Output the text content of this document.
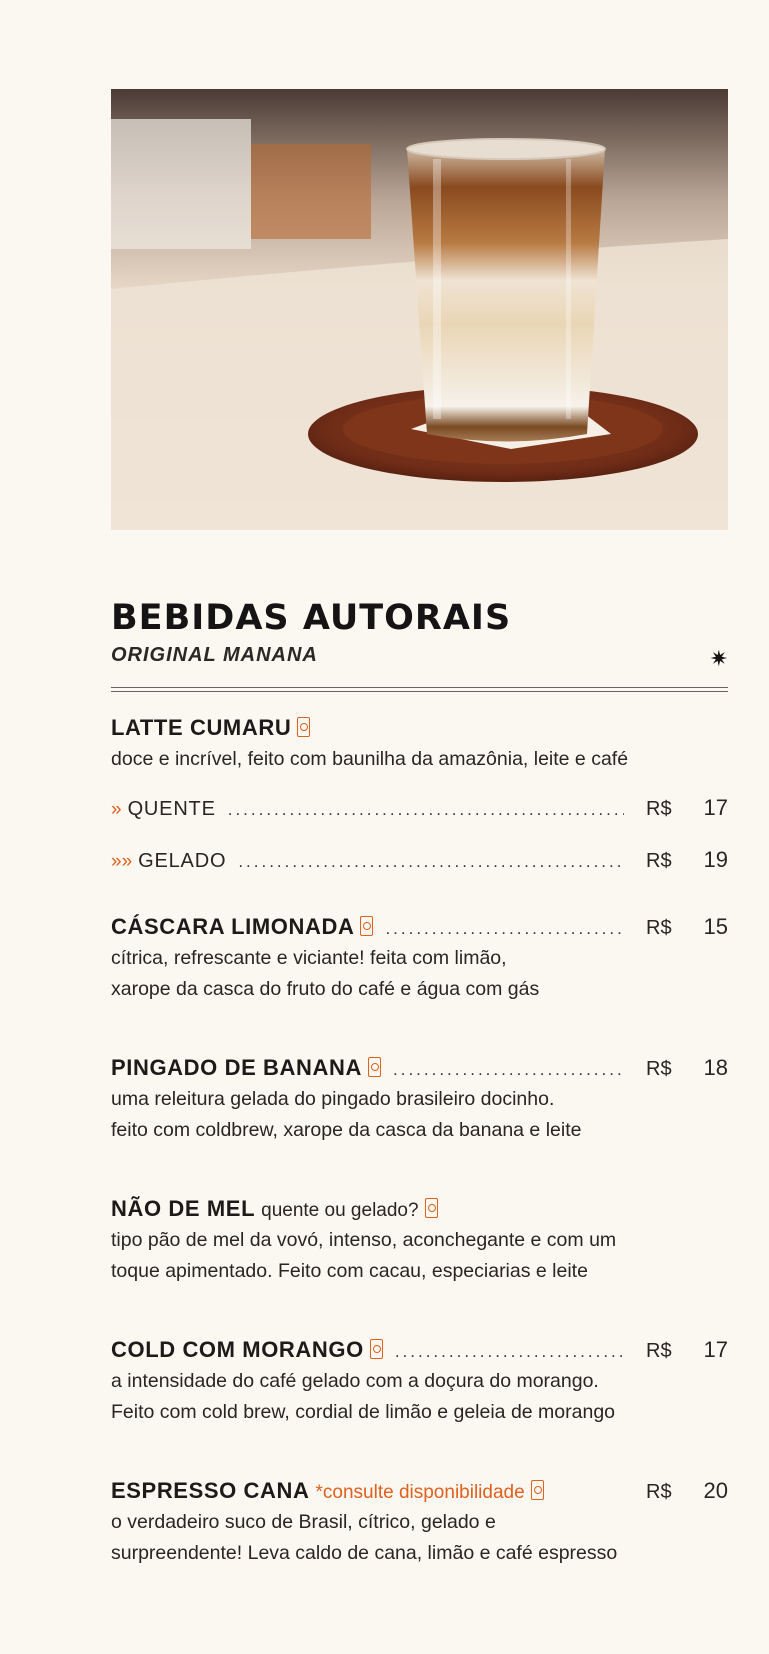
BEBIDAS AUTORAIS
ORIGINAL MANANA	✷
LATTE CUMARU
doce e incrível, feito com baunilha da amazônia, leite e café
» QUENTE .....	R$	17
»» GELADO .....	R$	19
CÁSCARA LIMONADA .....	R$	15
cítrica, refrescante e viciante! feita com limão,
xarope da casca do fruto do café e água com gás
PINGADO DE BANANA .....	R$	18
uma releitura gelada do pingado brasileiro docinho.
feito com coldbrew, xarope da casca da banana e leite
NÃO DE MEL quente ou gelado?
tipo pão de mel da vovó, intenso, aconchegante e com um
toque apimentado. Feito com cacau, especiarias e leite
COLD COM MORANGO .....	R$	17
a intensidade do café gelado com a doçura do morango.
Feito com cold brew, cordial de limão e geleia de morango
ESPRESSO CANA *consulte disponibilidade	R$	20
o verdadeiro suco de Brasil, cítrico, gelado e
surpreendente! Leva caldo de cana, limão e café espresso
